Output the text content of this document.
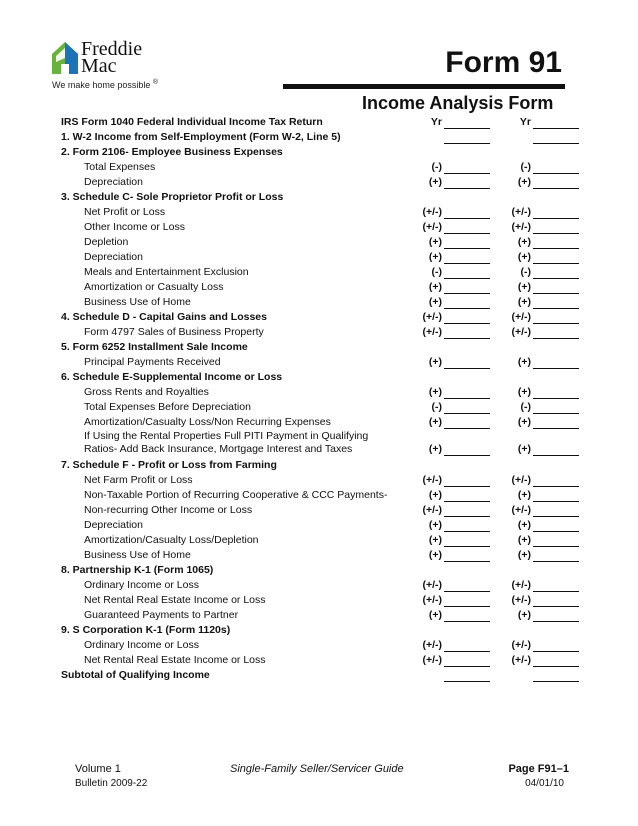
Freddie
Mac
We make home possible ®
Form 91
Income Analysis Form
IRS Form 1040 Federal Individual Income Tax Return	Yr	Yr
1. W-2 Income from Self-Employment (Form W-2, Line 5)
2. Form 2106- Employee Business Expenses
Total Expenses	(-)	(-)
Depreciation	(+)	(+)
3. Schedule C- Sole Proprietor Profit or Loss
Net Profit or Loss	(+/-)	(+/-)
Other Income or Loss	(+/-)	(+/-)
Depletion	(+)	(+)
Depreciation	(+)	(+)
Meals and Entertainment Exclusion	(-)	(-)
Amortization or Casualty Loss	(+)	(+)
Business Use of Home	(+)	(+)
4. Schedule D - Capital Gains and Losses	(+/-)	(+/-)
Form 4797 Sales of Business Property	(+/-)	(+/-)
5. Form 6252 Installment Sale Income
Principal Payments Received	(+)	(+)
6. Schedule E-Supplemental Income or Loss
Gross Rents and Royalties	(+)	(+)
Total Expenses Before Depreciation	(-)	(-)
Amortization/Casualty Loss/Non Recurring Expenses	(+)	(+)
If Using the Rental Properties Full PITI Payment in Qualifying
Ratios- Add Back Insurance, Mortgage Interest and Taxes	(+)	(+)
7. Schedule F - Profit or Loss from Farming
Net Farm Profit or Loss	(+/-)	(+/-)
Non-Taxable Portion of Recurring Cooperative & CCC Payments-	(+)	(+)
Non-recurring Other Income or Loss	(+/-)	(+/-)
Depreciation	(+)	(+)
Amortization/Casualty Loss/Depletion	(+)	(+)
Business Use of Home	(+)	(+)
8. Partnership K-1 (Form 1065)
Ordinary Income or Loss	(+/-)	(+/-)
Net Rental Real Estate Income or Loss	(+/-)	(+/-)
Guaranteed Payments to Partner	(+)	(+)
9. S Corporation K-1 (Form 1120s)
Ordinary Income or Loss	(+/-)	(+/-)
Net Rental Real Estate Income or Loss	(+/-)	(+/-)
Subtotal of Qualifying Income
Volume 1
Bulletin 2009-22
Single-Family Seller/Servicer Guide	Page F91–1
04/01/10
